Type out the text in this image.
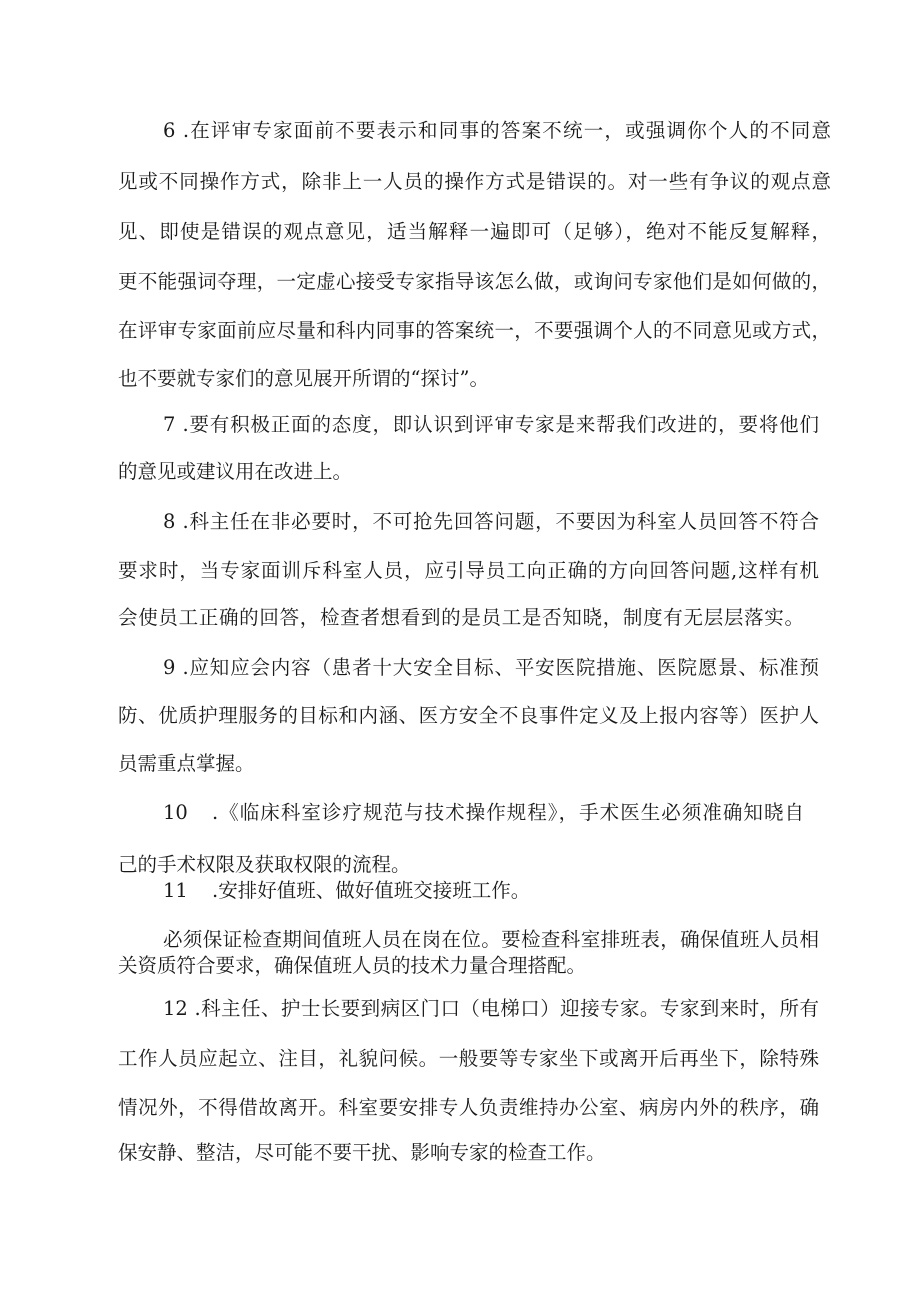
6 .在评审专家面前不要表示和同事的答案不统一，或强调你个人的不同意

见或不同操作方式，除非上一人员的操作方式是错误的。对一些有争议的观点意

见、即使是错误的观点意见，适当解释一遍即可（足够），绝对不能反复解释，

更不能强词夺理，一定虚心接受专家指导该怎么做，或询问专家他们是如何做的，

在评审专家面前应尽量和科内同事的答案统一，不要强调个人的不同意见或方式，

也不要就专家们的意见展开所谓的“探讨”。

7 .要有积极正面的态度，即认识到评审专家是来帮我们改进的，要将他们

的意见或建议用在改进上。

8 .科主任在非必要时，不可抢先回答问题，不要因为科室人员回答不符合

要求时，当专家面训斥科室人员，应引导员工向正确的方向回答问题,这样有机

会使员工正确的回答，检查者想看到的是员工是否知晓，制度有无层层落实。

9 .应知应会内容（患者十大安全目标、平安医院措施、医院愿景、标准预

防、优质护理服务的目标和内涵、医方安全不良事件定义及上报内容等）医护人

员需重点掌握。

10 .《临床科室诊疗规范与技术操作规程》，手术医生必须准确知晓自

己的手术权限及获取权限的流程。

11 .安排好值班、做好值班交接班工作。

必须保证检查期间值班人员在岗在位。要检查科室排班表，确保值班人员相

关资质符合要求，确保值班人员的技术力量合理搭配。

12 .科主任、护士长要到病区门口（电梯口）迎接专家。专家到来时，所有

工作人员应起立、注目，礼貌问候。一般要等专家坐下或离开后再坐下，除特殊

情况外，不得借故离开。科室要安排专人负责维持办公室、病房内外的秩序，确

保安静、整洁，尽可能不要干扰、影响专家的检查工作。
